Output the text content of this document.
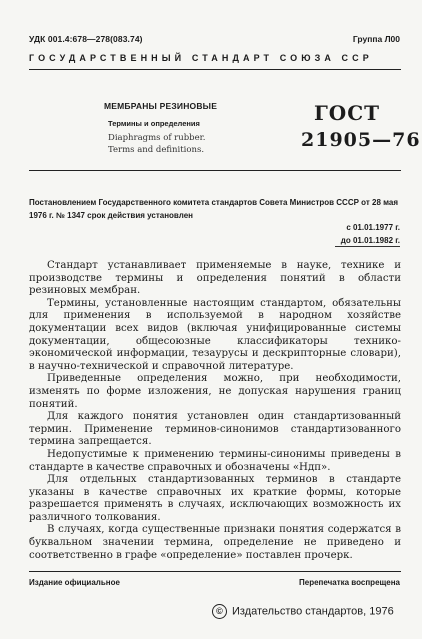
УДК 001.4:678—278(083.74)	Группа Л00
ГОСУДАРСТВЕННЫЙ СТАНДАРТ СОЮЗА ССР
МЕМБРАНЫ РЕЗИНОВЫЕ
Термины и определения
Diaphragms of rubber.
Terms and definitions.
ГОСТ
21905—76
Постановлением Государственного комитета стандартов Совета Министров СССР от 28 мая 1976 г. № 1347 срок действия установлен
с 01.01.1977 г.
до 01.01.1982 г.

Стандарт устанавливает применяемые в науке, технике и производстве термины и определения понятий в области резиновых мембран.

Термины, установленные настоящим стандартом, обязательны для применения в используемой в народном хозяйстве документации всех видов (включая унифицированные системы документации, общесоюзные классификаторы технико-экономической информации, тезаурусы и дескрипторные словари), в научно-технической и справочной литературе.

Приведенные определения можно, при необходимости, изменять по форме изложения, не допуская нарушения границ понятий.

Для каждого понятия установлен один стандартизованный термин. Применение терминов-синонимов стандартизованного термина запрещается.

Недопустимые к применению термины-синонимы приведены в стандарте в качестве справочных и обозначены «Ндп».

Для отдельных стандартизованных терминов в стандарте указаны в качестве справочных их краткие формы, которые разрешается применять в случаях, исключающих возможность их различного толкования.

В случаях, когда существенные признаки понятия содержатся в буквальном значении термина, определение не приведено и соответственно в графе «определение» поставлен прочерк.

Издание официальное	Перепечатка воспрещена
© Издательство стандартов, 1976
